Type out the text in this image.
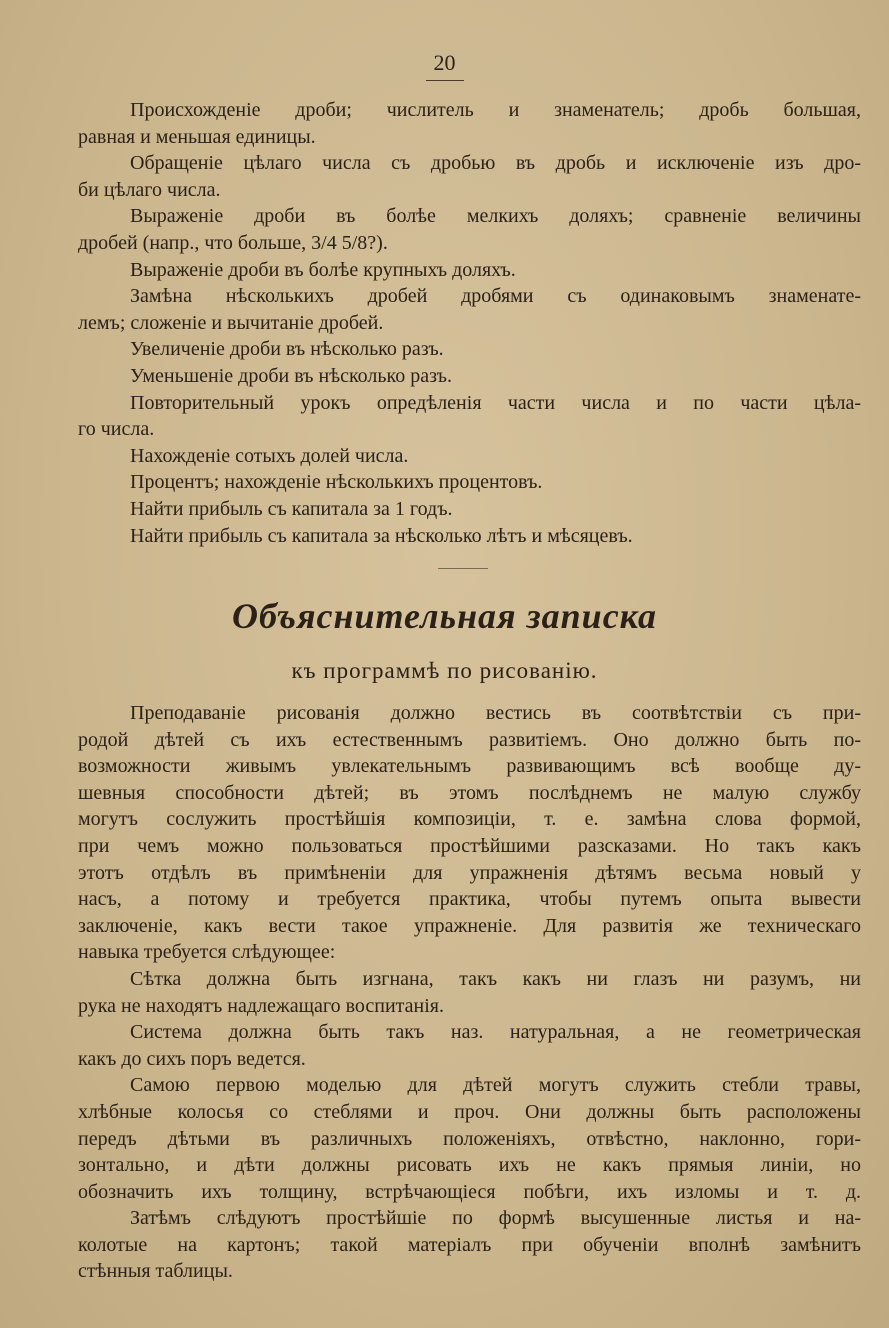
20
Происхожденіе дроби; числитель и знаменатель; дробь большая,
равная и меньшая единицы.
Обращеніе цѣлаго числа съ дробью въ дробь и исключеніе изъ дро-
би цѣлаго числа.
Выраженіе дроби въ болѣе мелкихъ доляхъ; сравненіе величины
дробей (напр., что больше, 3/4 5/8?).
Выраженіе дроби въ болѣе крупныхъ доляхъ.
Замѣна нѣсколькихъ дробей дробями съ одинаковымъ знаменате-
лемъ; сложеніе и вычитаніе дробей.
Увеличеніе дроби въ нѣсколько разъ.
Уменьшеніе дроби въ нѣсколько разъ.
Повторительный урокъ опредѣленія части числа и по части цѣла-
го числа.
Нахожденіе сотыхъ долей числа.
Процентъ; нахожденіе нѣсколькихъ процентовъ.
Найти прибыль съ капитала за 1 годъ.
Найти прибыль съ капитала за нѣсколько лѣтъ и мѣсяцевъ.
Объяснительная записка
къ программѣ по рисованію.
Преподаваніе рисованія должно вестись въ соотвѣтствіи съ при-
родой дѣтей съ ихъ естественнымъ развитіемъ. Оно должно быть по-
возможности живымъ увлекательнымъ развивающимъ всѣ вообще ду-
шевныя способности дѣтей; въ этомъ послѣднемъ не малую службу
могутъ сослужить простѣйшія композиціи, т. е. замѣна слова формой,
при чемъ можно пользоваться простѣйшими разсказами. Но такъ какъ
этотъ отдѣлъ въ примѣненіи для упражненія дѣтямъ весьма новый у
насъ, а потому и требуется практика, чтобы путемъ опыта вывести
заключеніе, какъ вести такое упражненіе. Для развитія же техническаго
навыка требуется слѣдующее:
Сѣтка должна быть изгнана, такъ какъ ни глазъ ни разумъ, ни
рука не находятъ надлежащаго воспитанія.
Система должна быть такъ наз. натуральная, а не геометрическая
какъ до сихъ поръ ведется.
Самою первою моделью для дѣтей могутъ служить стебли травы,
хлѣбные колосья со стеблями и проч. Они должны быть расположены
передъ дѣтьми въ различныхъ положеніяхъ, отвѣстно, наклонно, гори-
зонтально, и дѣти должны рисовать ихъ не какъ прямыя линіи, но
обозначить ихъ толщину, встрѣчающіеся побѣги, ихъ изломы и т. д.
Затѣмъ слѣдуютъ простѣйшіе по формѣ высушенные листья и на-
колотые на картонъ; такой матеріалъ при обученіи вполнѣ замѣнитъ
стѣнныя таблицы.
